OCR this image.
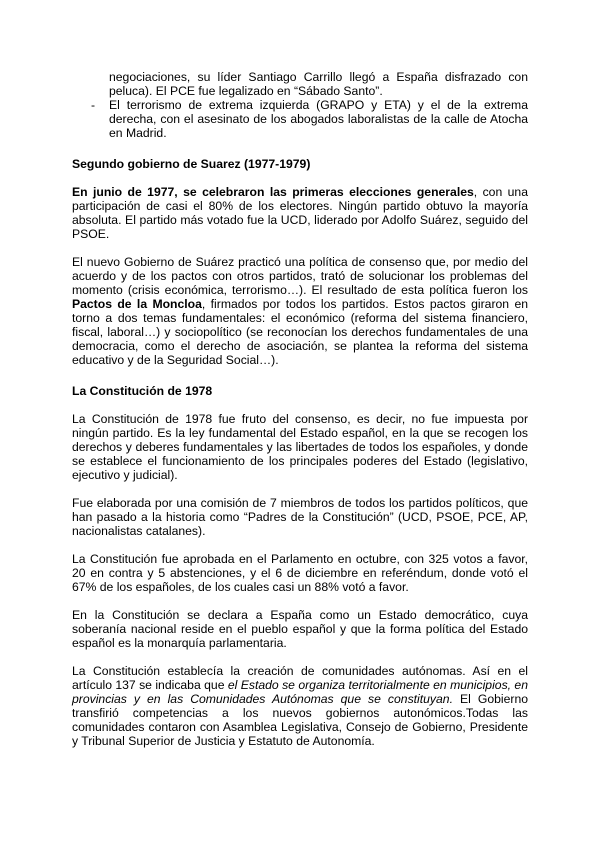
negociaciones, su líder Santiago Carrillo llegó a España disfrazado con peluca). El PCE fue legalizado en “Sábado Santo”.
- El terrorismo de extrema izquierda (GRAPO y ETA) y el de la extrema derecha, con el asesinato de los abogados laboralistas de la calle de Atocha en Madrid.
Segundo gobierno de Suarez (1977-1979)

En junio de 1977, se celebraron las primeras elecciones generales, con una participación de casi el 80% de los electores. Ningún partido obtuvo la mayoría absoluta. El partido más votado fue la UCD, liderado por Adolfo Suárez, seguido del PSOE.

El nuevo Gobierno de Suárez practicó una política de consenso que, por medio del acuerdo y de los pactos con otros partidos, trató de solucionar los problemas del momento (crisis económica, terrorismo…). El resultado de esta política fueron los Pactos de la Moncloa, firmados por todos los partidos. Estos pactos giraron en torno a dos temas fundamentales: el económico (reforma del sistema financiero, fiscal, laboral…) y sociopolítico (se reconocían los derechos fundamentales de una democracia, como el derecho de asociación, se plantea la reforma del sistema educativo y de la Seguridad Social…).

La Constitución de 1978

La Constitución de 1978 fue fruto del consenso, es decir, no fue impuesta por ningún partido. Es la ley fundamental del Estado español, en la que se recogen los derechos y deberes fundamentales y las libertades de todos los españoles, y donde se establece el funcionamiento de los principales poderes del Estado (legislativo, ejecutivo y judicial).

Fue elaborada por una comisión de 7 miembros de todos los partidos políticos, que han pasado a la historia como “Padres de la Constitución” (UCD, PSOE, PCE, AP, nacionalistas catalanes).

La Constitución fue aprobada en el Parlamento en octubre, con 325 votos a favor, 20 en contra y 5 abstenciones, y el 6 de diciembre en referéndum, donde votó el 67% de los españoles, de los cuales casi un 88% votó a favor.

En la Constitución se declara a España como un Estado democrático, cuya soberanía nacional reside en el pueblo español y que la forma política del Estado español es la monarquía parlamentaria.

La Constitución establecía la creación de comunidades autónomas. Así en el artículo 137 se indicaba que el Estado se organiza territorialmente en municipios, en provincias y en las Comunidades Autónomas que se constituyan. El Gobierno transfirió competencias a los nuevos gobiernos autonómicos.Todas las comunidades contaron con Asamblea Legislativa, Consejo de Gobierno, Presidente y Tribunal Superior de Justicia y Estatuto de Autonomía.
